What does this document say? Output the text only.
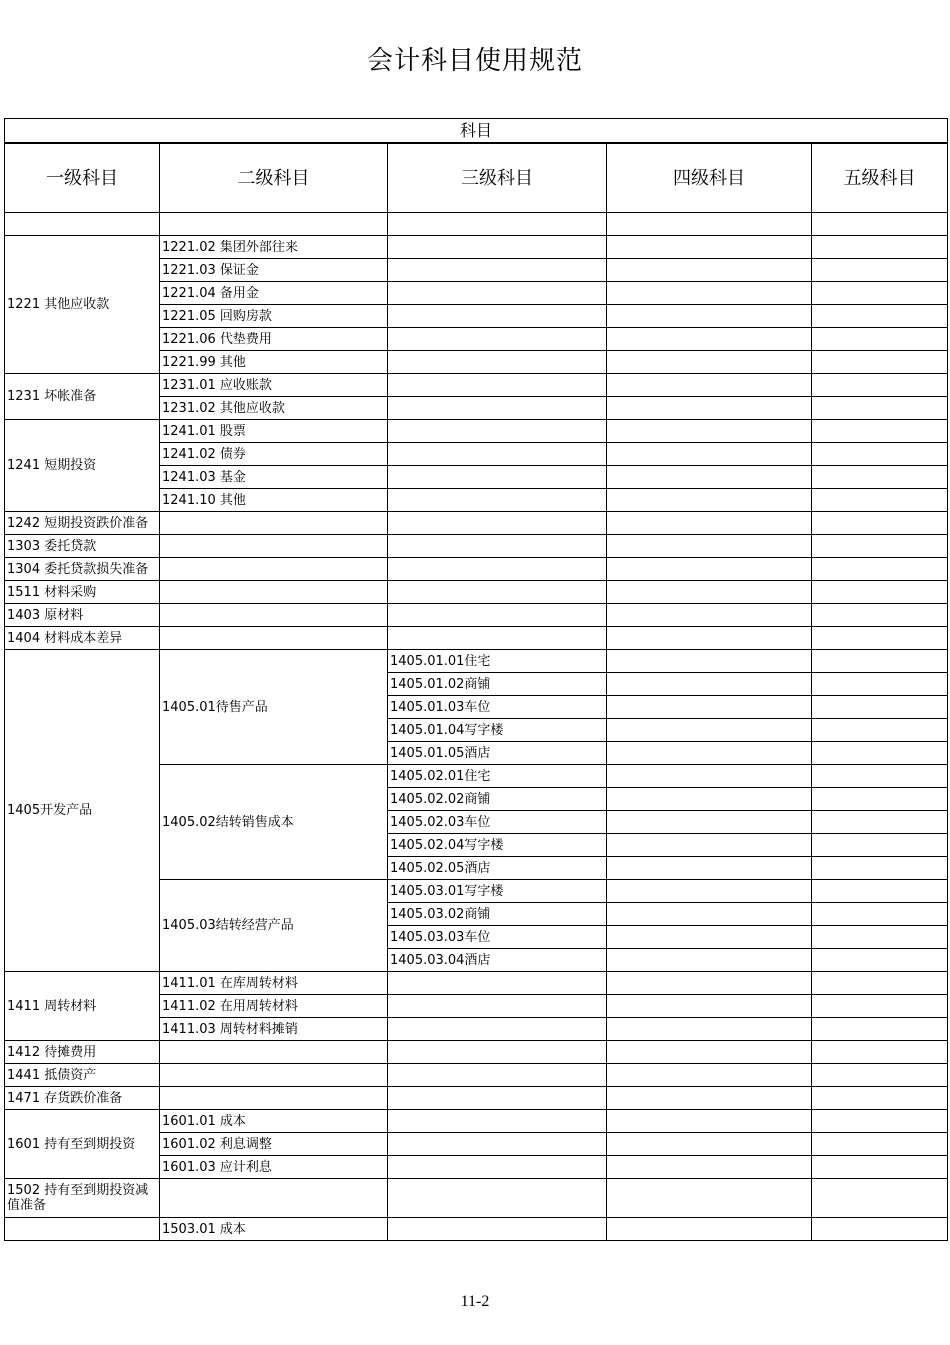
会计科目使用规范
科目				
一级科目	二级科目	三级科目	四级科目	五级科目

1221 其他应收款	1221.02 集团外部往来			
	1221.03 保证金			
	1221.04 备用金			
	1221.05 回购房款			
	1221.06 代垫费用			
	1221.99 其他			
1231 坏帐准备	1231.01 应收账款			
	1231.02 其他应收款			
1241 短期投资	1241.01 股票			
	1241.02 债券			
	1241.03 基金			
	1241.10 其他			
1242 短期投资跌价准备				
1303 委托贷款				
1304 委托贷款损失准备				
1511 材料采购				
1403 原材料				
1404 材料成本差异				
1405开发产品	1405.01待售产品	1405.01.01住宅		
		1405.01.02商铺		
		1405.01.03车位		
		1405.01.04写字楼		
		1405.01.05酒店		
	1405.02结转销售成本	1405.02.01住宅		
		1405.02.02商铺		
		1405.02.03车位		
		1405.02.04写字楼		
		1405.02.05酒店		
	1405.03结转经营产品	1405.03.01写字楼		
		1405.03.02商铺		
		1405.03.03车位		
		1405.03.04酒店		
1411 周转材料	1411.01 在库周转材料			
	1411.02 在用周转材料			
	1411.03 周转材料摊销			
1412 待摊费用				
1441 抵债资产				
1471 存货跌价准备				
1601 持有至到期投资	1601.01 成本			
	1601.02 利息调整			
	1601.03 应计利息			
1502 持有至到期投资减值准备				
	1503.01 成本			
11-2
